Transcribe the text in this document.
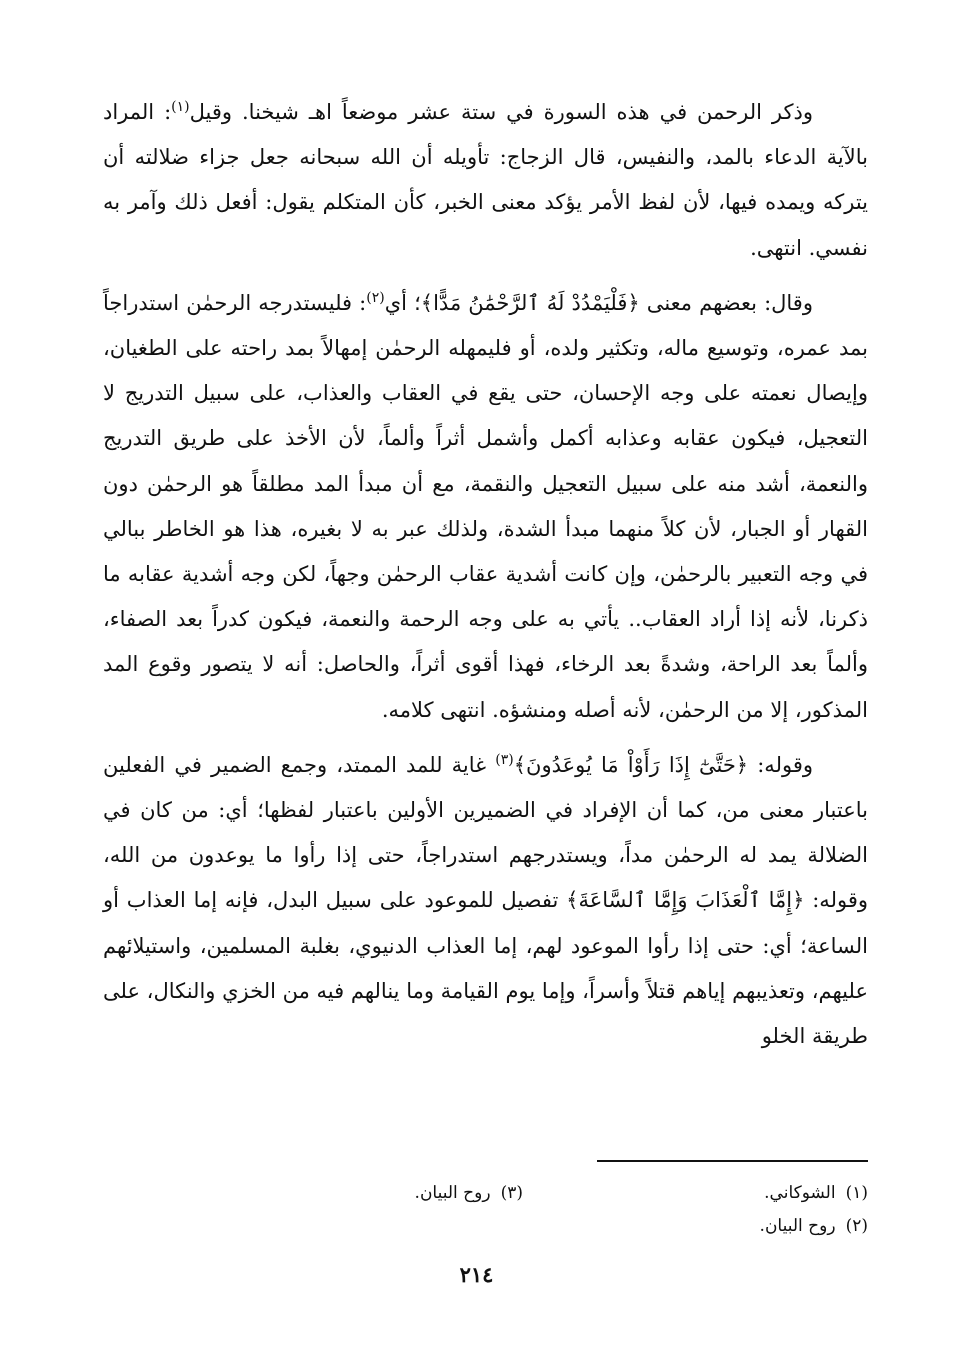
وذكر الرحمن في هذه السورة في ستة عشر موضعاً اهـ شيخنا. وقيل$^{(١)}$: المراد بالآية الدعاء بالمد، والنفيس، قال الزجاج: تأويله أن الله سبحانه جعل جزاء ضلالته أن يتركه ويمده فيها، لأن لفظ الأمر يؤكد معنى الخبر، كأن المتكلم يقول: أفعل ذلك وآمر به نفسي. انتهى.

وقال: بعضهم معنى ﴿فَلْيَمْدُدْ لَهُ ٱلرَّحْمَٰنُ مَدًّا﴾؛ أي$^{(٢)}$: فليستدرجه الرحمٰن استدراجاً بمد عمره، وتوسيع ماله، وتكثير ولده، أو فليمهله الرحمٰن إمهالاً بمد راحته على الطغيان، وإيصال نعمته على وجه الإحسان، حتى يقع في العقاب والعذاب، على سبيل التدريج لا التعجيل، فيكون عقابه وعذابه أكمل وأشمل أثراً وألماً، لأن الأخذ على طريق التدريج والنعمة، أشد منه على سبيل التعجيل والنقمة، مع أن مبدأ المد مطلقاً هو الرحمٰن دون القهار أو الجبار، لأن كلاً منهما مبدأ الشدة، ولذلك عبر به لا بغيره، هذا هو الخاطر ببالي في وجه التعبير بالرحمٰن، وإن كانت أشدية عقاب الرحمٰن وجهاً، لكن وجه أشدية عقابه ما ذكرنا، لأنه إذا أراد العقاب.. يأتي به على وجه الرحمة والنعمة، فيكون كدراً بعد الصفاء، وألماً بعد الراحة، وشدةً بعد الرخاء، فهذا أقوى أثراً، والحاصل: أنه لا يتصور وقوع المد المذكور، إلا من الرحمٰن، لأنه أصله ومنشؤه. انتهى كلامه.

وقوله: ﴿حَتَّىٰٓ إِذَا رَأَوْاْ مَا يُوعَدُونَ﴾$^{(٣)}$ غاية للمد الممتد، وجمع الضمير في الفعلين باعتبار معنى من، كما أن الإفراد في الضميرين الأولين باعتبار لفظها؛ أي: من كان في الضلالة يمد له الرحمٰن مداً، ويستدرجهم استدراجاً، حتى إذا رأوا ما يوعدون من الله، وقوله: ﴿إِمَّا ٱلْعَذَابَ وَإِمَّا ٱلسَّاعَةَ﴾ تفصيل للموعود على سبيل البدل، فإنه إما العذاب أو الساعة؛ أي: حتى إذا رأوا الموعود لهم، إما العذاب الدنيوي، بغلبة المسلمين، واستيلائهم عليهم، وتعذيبهم إياهم قتلاً وأسراً، وإما يوم القيامة وما ينالهم فيه من الخزي والنكال، على طريقة الخلو

(١)الشوكاني.
(٣)روح البيان.
(٢)روح البيان.
٢١٤
